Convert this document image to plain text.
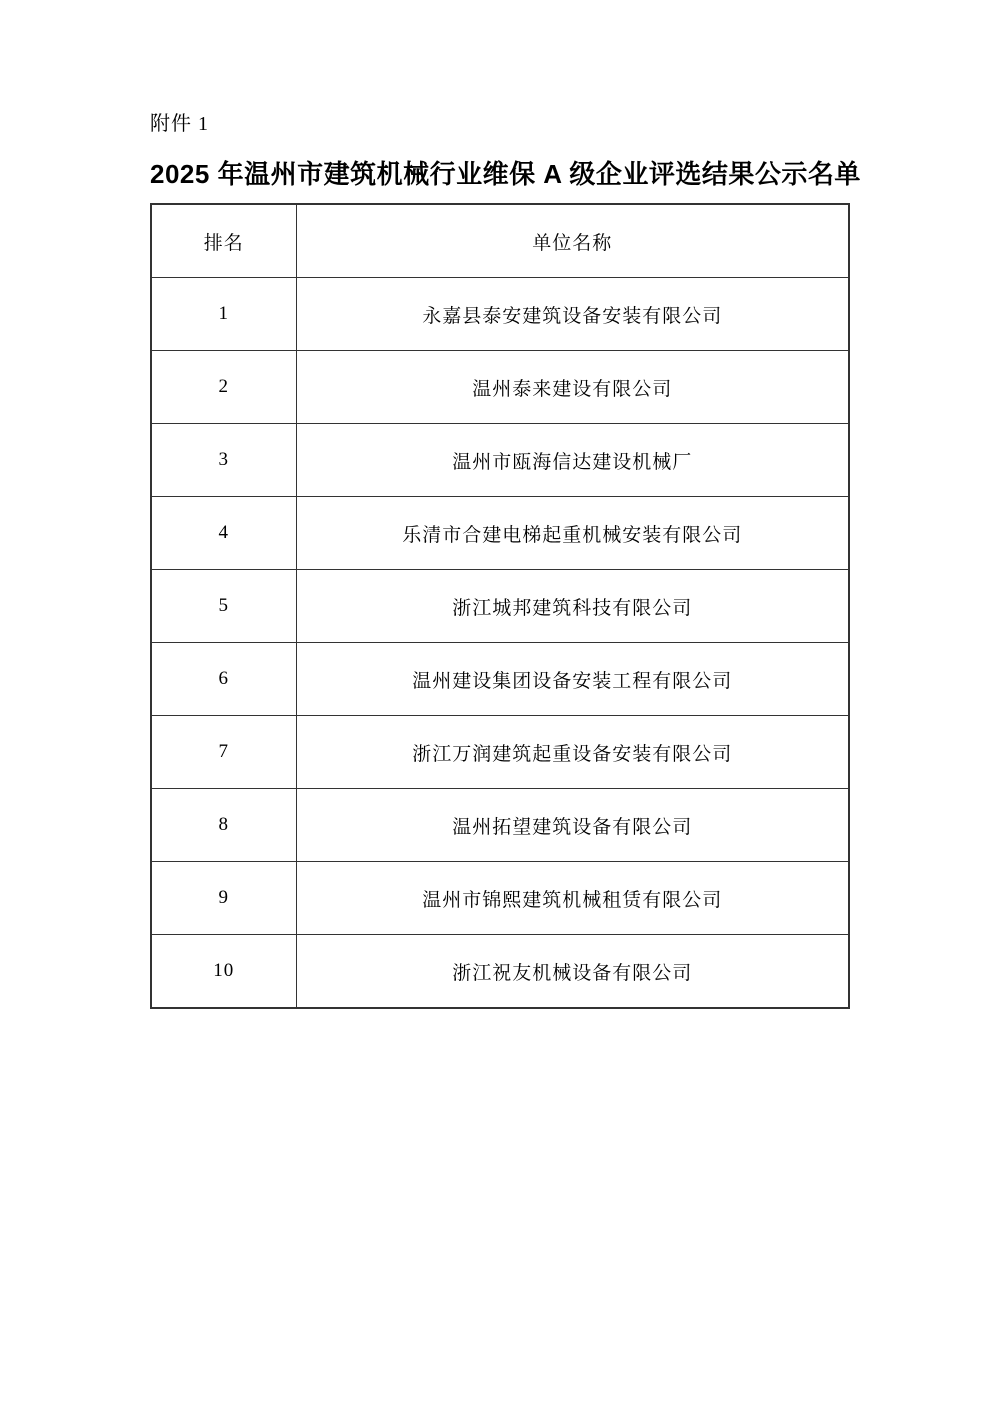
附件 1
2025 年温州市建筑机械行业维保 A 级企业评选结果公示名单
排名	单位名称
1	永嘉县泰安建筑设备安装有限公司
2	温州泰来建设有限公司
3	温州市瓯海信达建设机械厂
4	乐清市合建电梯起重机械安装有限公司
5	浙江城邦建筑科技有限公司
6	温州建设集团设备安装工程有限公司
7	浙江万润建筑起重设备安装有限公司
8	温州拓望建筑设备有限公司
9	温州市锦熙建筑机械租赁有限公司
10	浙江祝友机械设备有限公司
